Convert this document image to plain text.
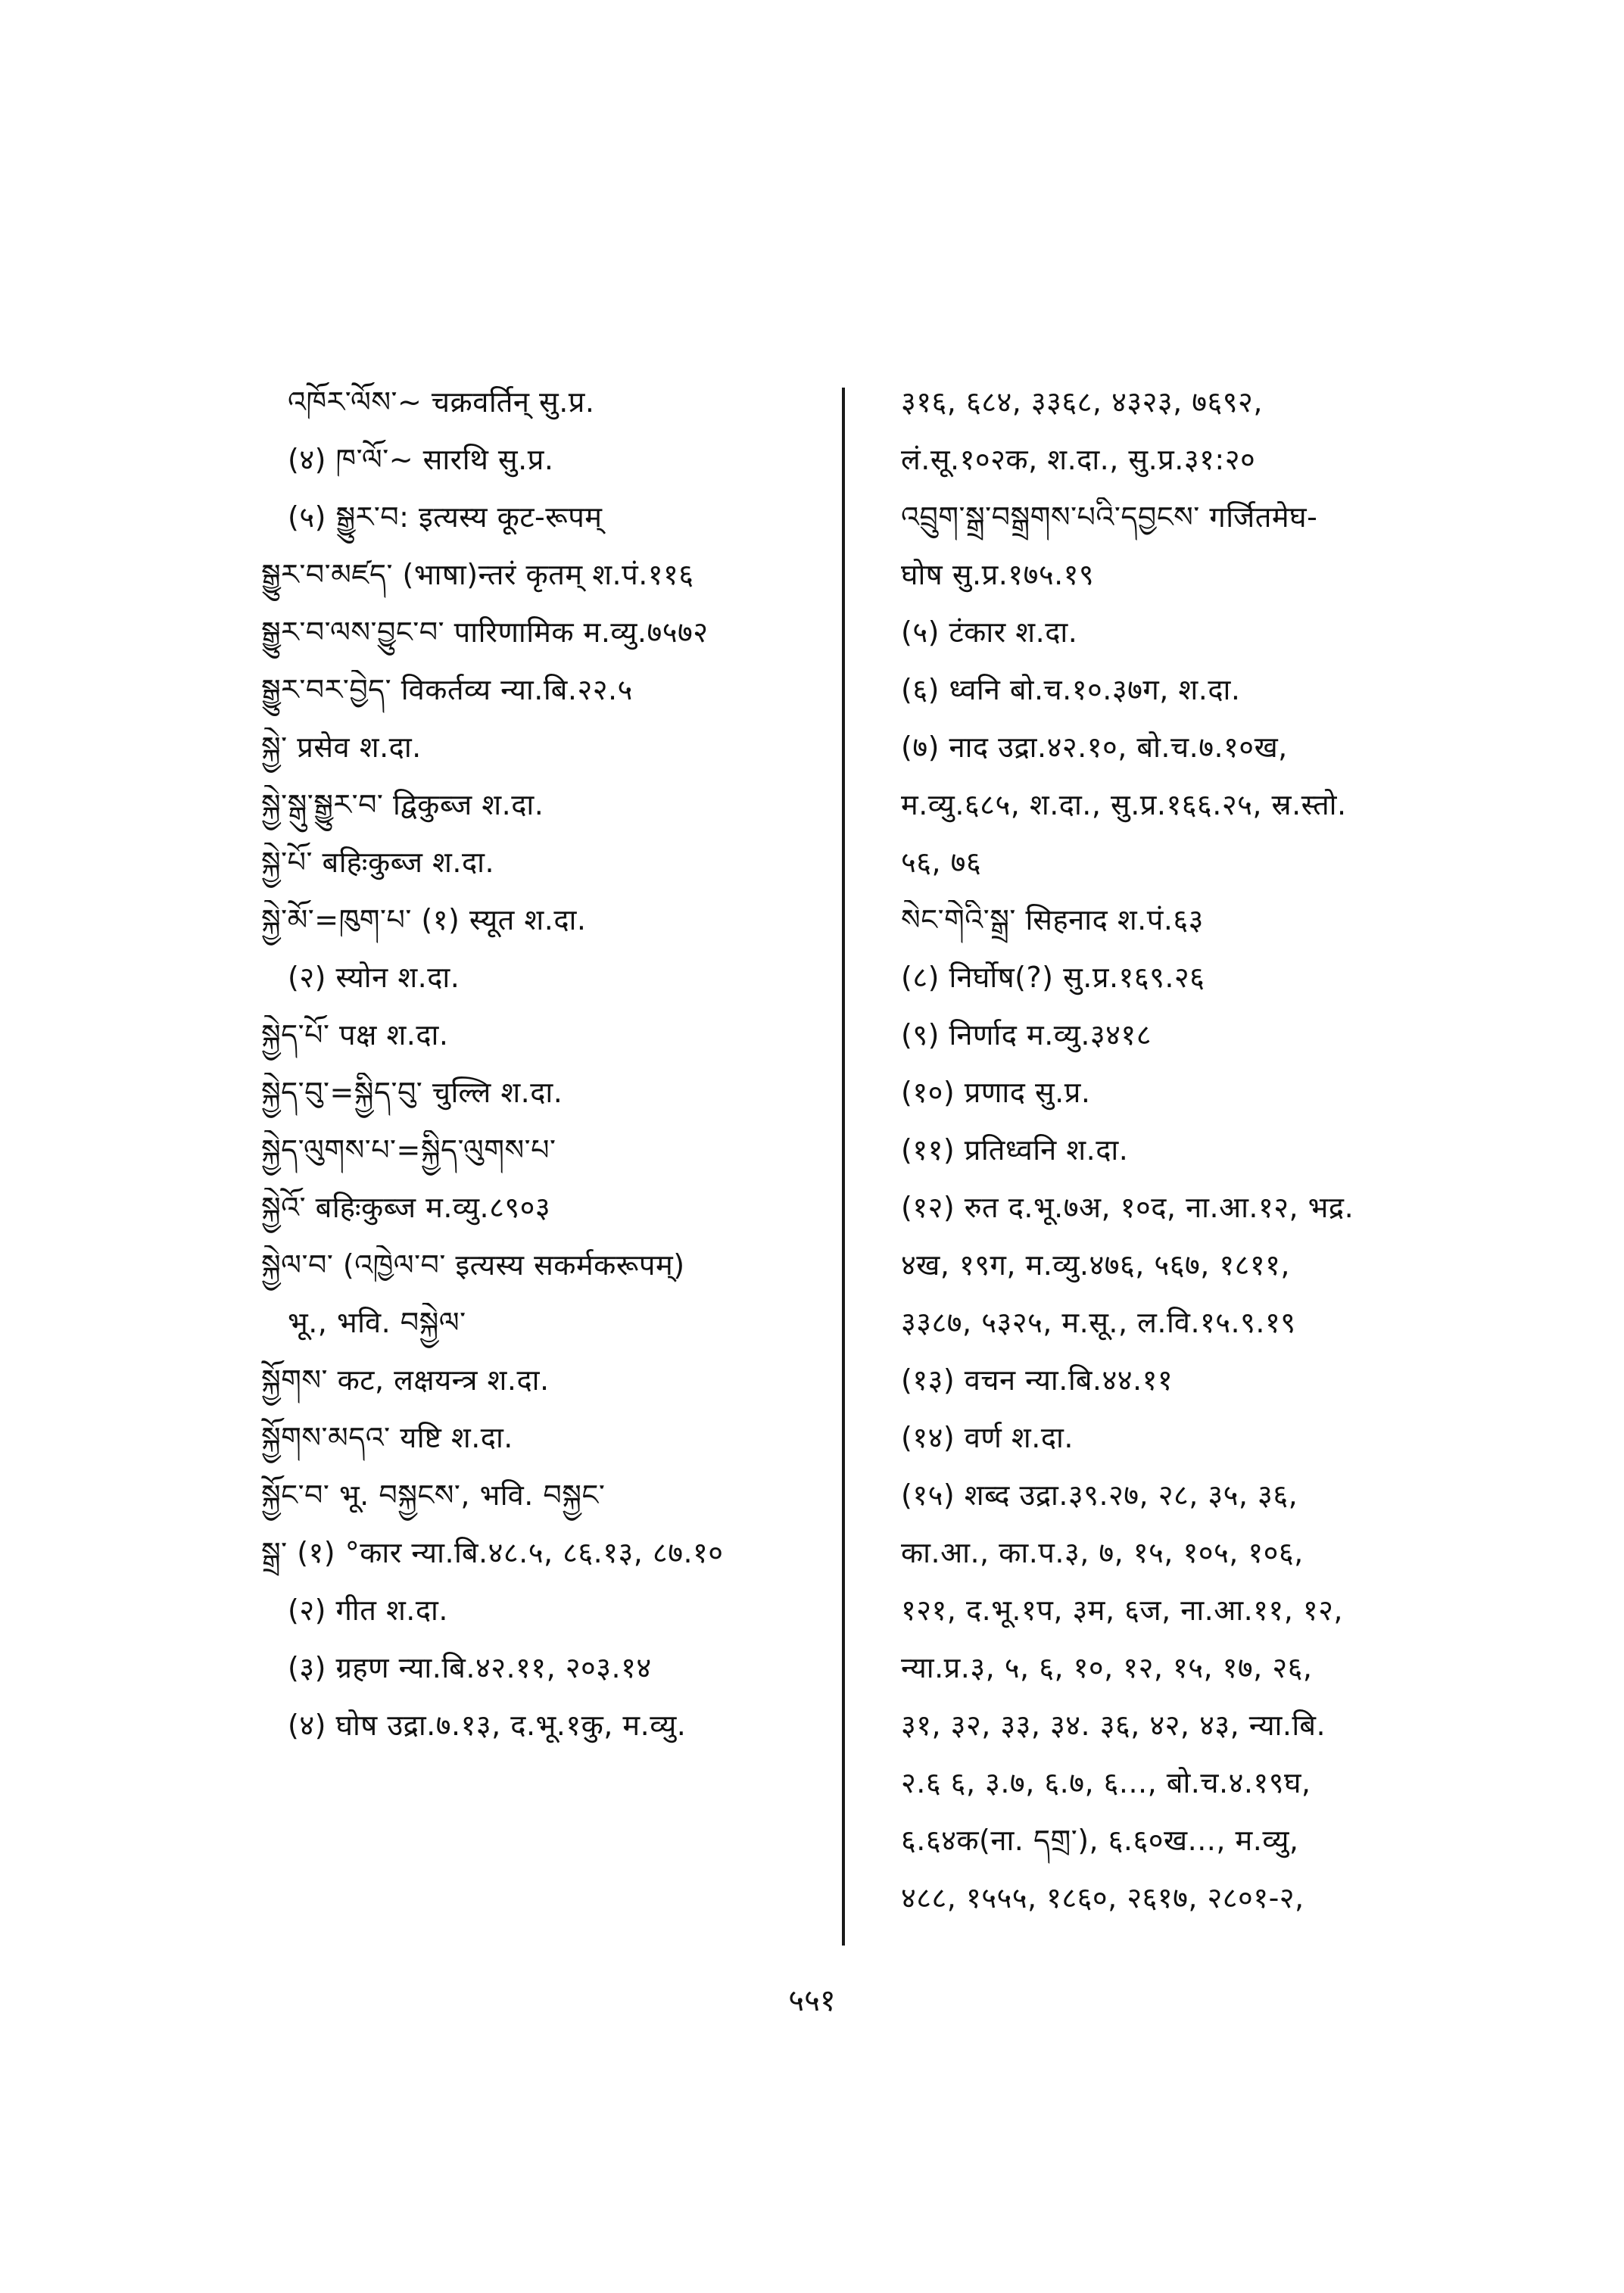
འཁོར་ལོས་~ चक्रवर्तिन् सु.प्र.
(४) ཁ་ལོ་~ सारथि सु.प्र.
(५) སྒྱུར་བ: इत्यस्य कूट-रूपम्
སྒྱུར་བ་མཛད་ (भाषा)न्तरं कृतम् श.पं.११६
སྒྱུར་བ་ལས་བྱུང་བ་ पारिणामिक म.व्यु.७५७२
སྒྱུར་བར་བྱེད་ विकर्तव्य न्या.बि.२२.५
སྐྱེ་ प्रसेव श.दा.
སྐྱེ་སྒུ་སྒྱུར་བ་ द्विकुब्ज श.दा.
སྐྱེ་པོ་ बहिःकुब्ज श.दा.
སྐྱེ་མོ་=ཁུག་པ་ (१) स्यूत श.दा.
(२) स्योन श.दा.
སྐྱེད་པོ་ पक्ष श.दा.
སྐྱེད་བུ་=སྐྱིད་བུ་ चुल्लि श.दा.
སྐྱེད་ལུགས་པ་=སྐྱིད་ལུགས་པ་
སྐྱེའོ་ बहिःकुब्ज म.व्यु.८९०३
སྐྱེལ་བ་ (འཁྱེལ་བ་ इत्यस्य सकर्मकरूपम्)
भू., भवि. བསྐྱེལ་
སྐྱོགས་ कट, लक्षयन्त्र श.दा.
སྐྱོགས་མདའ་ यष्टि श.दा.
སྐྱོང་བ་ भू. བསྐྱངས་, भवि. བསྐྱང་
སྒྲ་ (१) °कार न्या.बि.४८.५, ८६.१३, ८७.१०
(२) गीत श.दा.
(३) ग्रहण न्या.बि.४२.११, २०३.१४
(४) घोष उद्रा.७.१३, द.भू.१कु, म.व्यु.
३१६, ६८४, ३३६८, ४३२३, ७६९२,
लं.सू.१०२क, श.दा., सु.प्र.३१:२०
འབྲུག་སྒྲ་བསྒྲགས་པའི་དབྱངས་ गर्जितमेघ-
घोष सु.प्र.१७५.१९
(५) टंकार श.दा.
(६) ध्वनि बो.च.१०.३७ग, श.दा.
(७) नाद उद्रा.४२.१०, बो.च.७.१०ख,
म.व्यु.६८५, श.दा., सु.प्र.१६६.२५, स्र.स्तो.
५६, ७६
སེང་གེའི་སྒྲ་ सिहनाद श.पं.६३
(८) निर्घोष(?) सु.प्र.१६९.२६
(९) निर्णाद म.व्यु.३४१८
(१०) प्रणाद सु.प्र.
(११) प्रतिध्वनि श.दा.
(१२) रुत द.भू.७अ, १०द, ना.आ.१२, भद्र.
४ख, १९ग, म.व्यु.४७६, ५६७, १८११,
३३८७, ५३२५, म.सू., ल.वि.१५.९.१९
(१३) वचन न्या.बि.४४.११
(१४) वर्ण श.दा.
(१५) शब्द उद्रा.३९.२७, २८, ३५, ३६,
का.आ., का.प.३, ७, १५, १०५, १०६,
१२१, द.भू.१प, ३म, ६ज, ना.आ.११, १२,
न्या.प्र.३, ५, ६, १०, १२, १५, १७, २६,
३१, ३२, ३३, ३४. ३६, ४२, ४३, न्या.बि.
२.६ ६, ३.७, ६.७, ६..., बो.च.४.१९घ,
६.६४क(ना. དགྲ་), ६.६०ख..., म.व्यु,
४८८, १५५५, १८६०, २६१७, २८०१-२,
५५१
